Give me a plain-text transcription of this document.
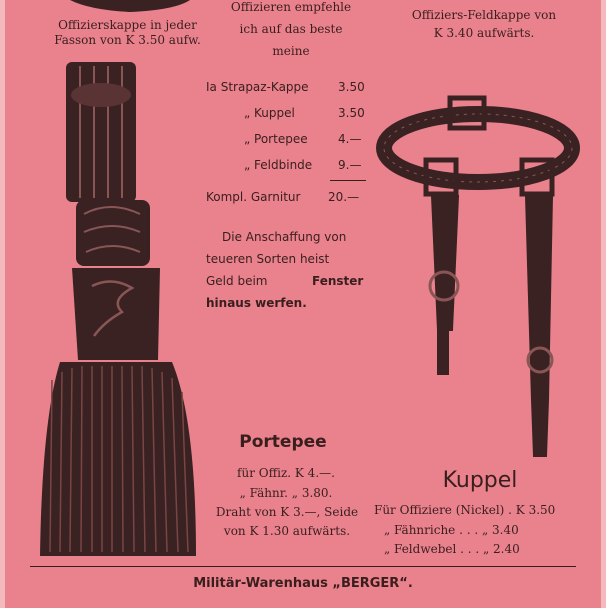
Offizierskappe in jeder
Fasson von K 3.50 aufw.
Offizieren empfehle
ich auf das beste
meine
Offiziers-Feldkappe von
K 3.40 aufwärts.
Ia Strapaz-Kappe 3.50
„ Kuppel	3.50
„ Portepee	4.—
„ Feldbinde 9.—
Kompl. Garnitur 20.—
Die Anschaffung von
teueren Sorten heist
Geld beim	Fenster
hinaus werfen.
Portepee
für Offiz. K 4.—.
„ Fähnr. „ 3.80.
Draht von K 3.—, Seide
von K 1.30 aufwärts.
Kuppel
Für Offiziere (Nickel) . K 3.50
„ Fähnriche . . . „ 3.40
„ Feldwebel . . . „ 2.40
Militär-Warenhaus „BERGER“.
